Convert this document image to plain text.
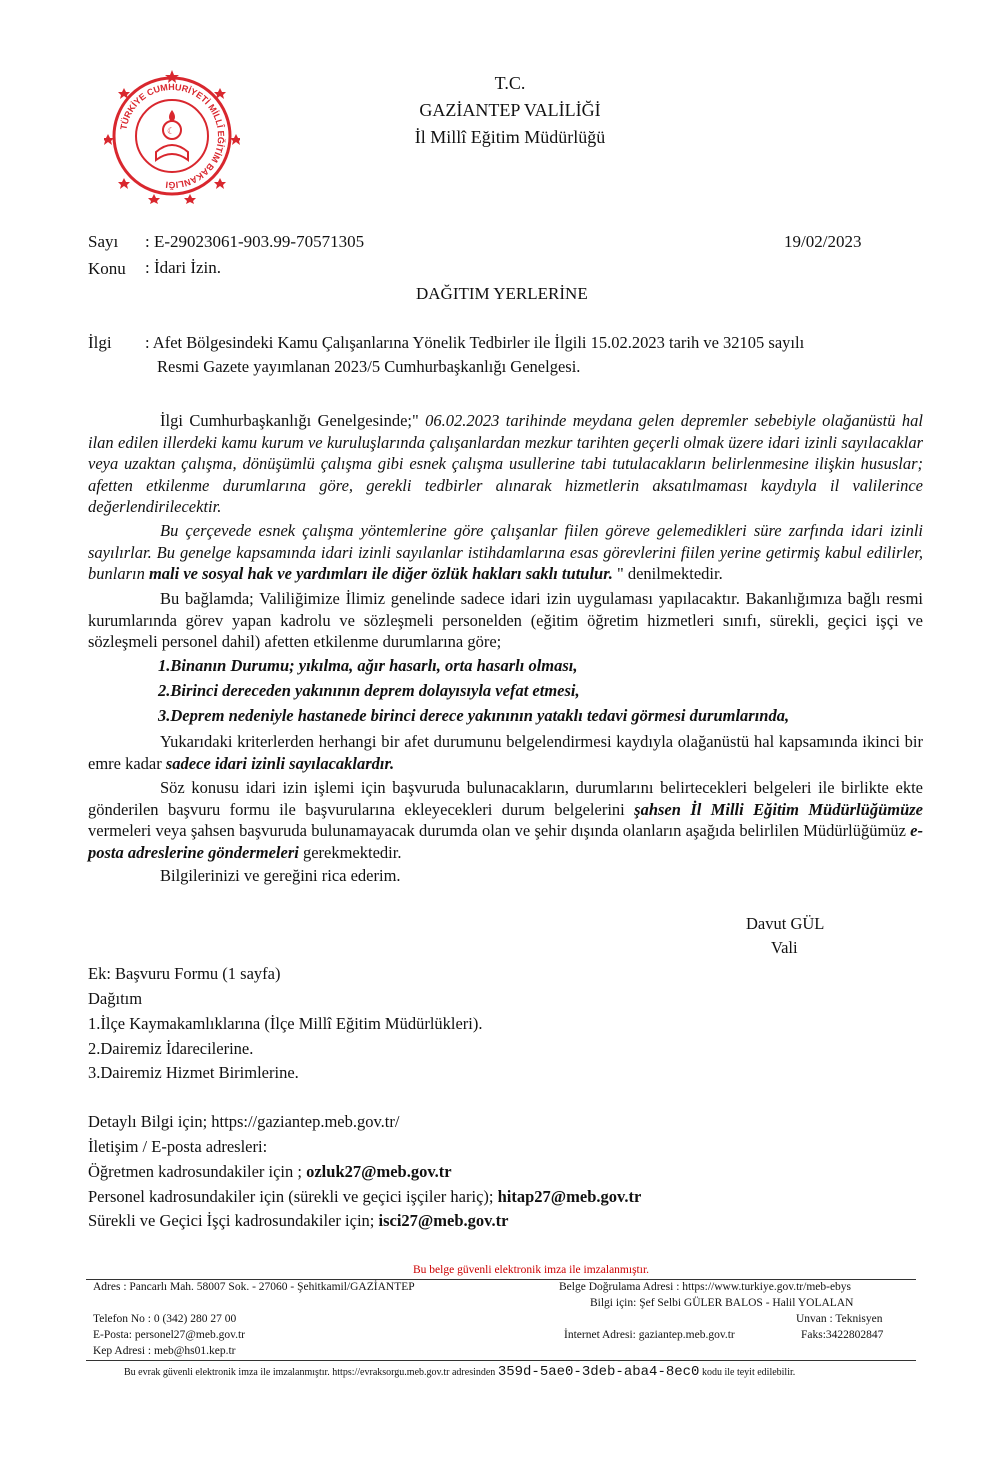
T.C.
GAZİANTEP VALİLİĞİ
İl Millî Eğitim Müdürlüğü
TÜRKİYE CUMHURİYETİ MİLLÎ EĞİTİM BAKANLIĞI
☾
Sayı : E-29023061-903.99-70571305	19/02/2023
Konu : İdari İzin.
DAĞITIM YERLERİNE
İlgi : Afet Bölgesindeki Kamu Çalışanlarına Yönelik Tedbirler ile İlgili 15.02.2023 tarih ve 32105 sayılı
Resmi Gazete yayımlanan 2023/5 Cumhurbaşkanlığı Genelgesi.

İlgi Cumhurbaşkanlığı Genelgesinde;" 06.02.2023 tarihinde meydana gelen depremler sebebiyle olağanüstü hal ilan edilen illerdeki kamu kurum ve kuruluşlarında çalışanlardan mezkur tarihten geçerli olmak üzere idari izinli sayılacaklar veya uzaktan çalışma, dönüşümlü çalışma gibi esnek çalışma usullerine tabi tutulacakların belirlenmesine ilişkin hususlar; afetten etkilenme durumlarına göre, gerekli tedbirler alınarak hizmetlerin aksatılmaması kaydıyla il valilerince değerlendirilecektir.

Bu çerçevede esnek çalışma yöntemlerine göre çalışanlar fiilen göreve gelemedikleri süre zarfında idari izinli sayılırlar. Bu genelge kapsamında idari izinli sayılanlar istihdamlarına esas görevlerini fiilen yerine getirmiş kabul edilirler, bunların mali ve sosyal hak ve yardımları ile diğer özlük hakları saklı tutulur. " denilmektedir.

Bu bağlamda; Valiliğimize İlimiz genelinde sadece idari izin uygulaması yapılacaktır. Bakanlığımıza bağlı resmi kurumlarında görev yapan kadrolu ve sözleşmeli personelden (eğitim öğretim hizmetleri sınıfı, sürekli, geçici işçi ve sözleşmeli personel dahil) afetten etkilenme durumlarına göre;

1.Binanın Durumu; yıkılma, ağır hasarlı, orta hasarlı olması,
2.Birinci dereceden yakınının deprem dolayısıyla vefat etmesi,
3.Deprem nedeniyle hastanede birinci derece yakınının yataklı tedavi görmesi durumlarında,

Yukarıdaki kriterlerden herhangi bir afet durumunu belgelendirmesi kaydıyla olağanüstü hal kapsamında ikinci bir emre kadar sadece idari izinli sayılacaklardır.

Söz konusu idari izin işlemi için başvuruda bulunacakların, durumlarını belirtecekleri belgeleri ile birlikte ekte gönderilen başvuru formu ile başvurularına ekleyecekleri durum belgelerini şahsen İl Milli Eğitim Müdürlüğümüze vermeleri veya şahsen başvuruda bulunamayacak durumda olan ve şehir dışında olanların aşağıda belirlilen Müdürlüğümüz e-posta adreslerine göndermeleri gerekmektedir.

Bilgilerinizi ve gereğini rica ederim.

Davut GÜL
Vali
Ek: Başvuru Formu (1 sayfa)
Dağıtım
1.İlçe Kaymakamlıklarına (İlçe Millî Eğitim Müdürlükleri).
2.Dairemiz İdarecilerine.
3.Dairemiz Hizmet Birimlerine.
Detaylı Bilgi için; https://gaziantep.meb.gov.tr/
İletişim / E-posta adresleri:
Öğretmen kadrosundakiler için ; ozluk27@meb.gov.tr
Personel kadrosundakiler için (sürekli ve geçici işçiler hariç); hitap27@meb.gov.tr
Sürekli ve Geçici İşçi kadrosundakiler için; isci27@meb.gov.tr
Bu belge güvenli elektronik imza ile imzalanmıştır.
Adres : Pancarlı Mah. 58007 Sok. - 27060 - Şehitkamil/GAZİANTEP	Belge Doğrulama Adresi : https://www.turkiye.gov.tr/meb-ebys
Bilgi için: Şef Selbi GÜLER BALOS - Halil YOLALAN
Telefon No : 0 (342) 280 27 00	Unvan : Teknisyen
E-Posta: personel27@meb.gov.tr	İnternet Adresi: gaziantep.meb.gov.tr	Faks:3422802847
Kep Adresi : meb@hs01.kep.tr
Bu evrak güvenli elektronik imza ile imzalanmıştır. https://evraksorgu.meb.gov.tr adresinden 359d-5ae0-3deb-aba4-8ec0 kodu ile teyit edilebilir.
